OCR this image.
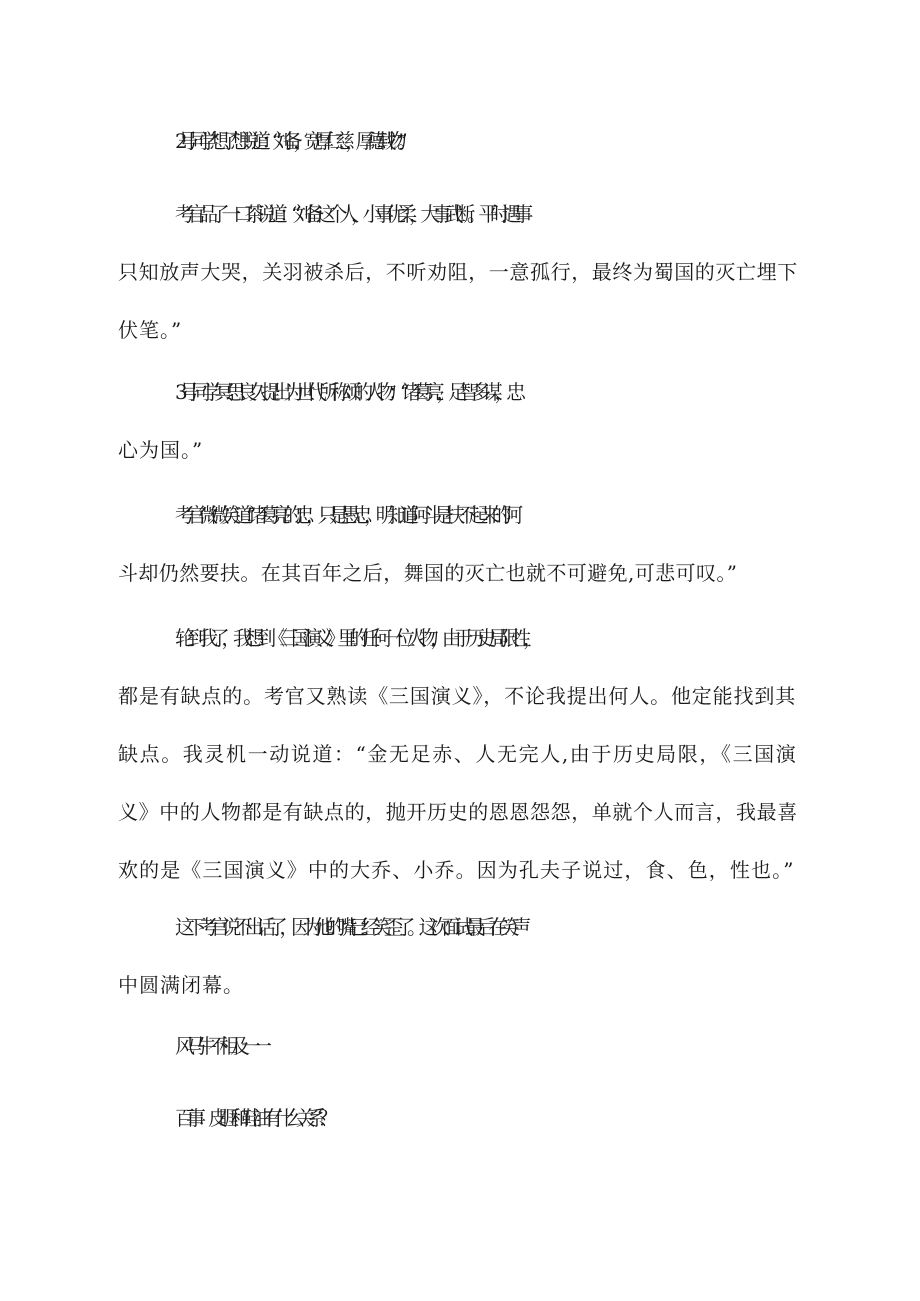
2号同学想了想说道：“刘备，宽厚仁慈，厚德载物。”

考官品了一口茶说道：“刘备这个人，小事优柔，大事武断。平时遇事
只知放声大哭，关羽被杀后，不听劝阻，一意孤行，最终为蜀国的灭亡埋下
伏笔。”

3号同学冥思良久提出为世代所称颂的人物：“诸葛亮，足智多谋，忠
心为国。”

考官微微笑道：”诸葛亮的忠，只是愚忠，明知道阿斗是扶不起来的阿
斗却仍然要扶。在其百年之后，舞国的灭亡也就不可避免,可悲可叹。”

轮到我了，我想到《三国演义》里的任何一位人物，由于历史局限性，
都是有缺点的。考官又熟读《三国演义》，不论我提出何人。他定能找到其
缺点。我灵机一动说道：“金无足赤、人无完人,由于历史局限，《三国演
义》中的人物都是有缺点的，抛开历史的恩恩怨怨，单就个人而言，我最喜
欢的是《三国演义》中的大乔、小乔。因为孔夫子说过，食、色，性也。”

这下考官说不出话了，因为他的嘴巳经笑歪了。这次面试最后在笑声
中圆满闭幕。

风马牛不相及一一

百事：皮睚和鞋油有什么关系？
